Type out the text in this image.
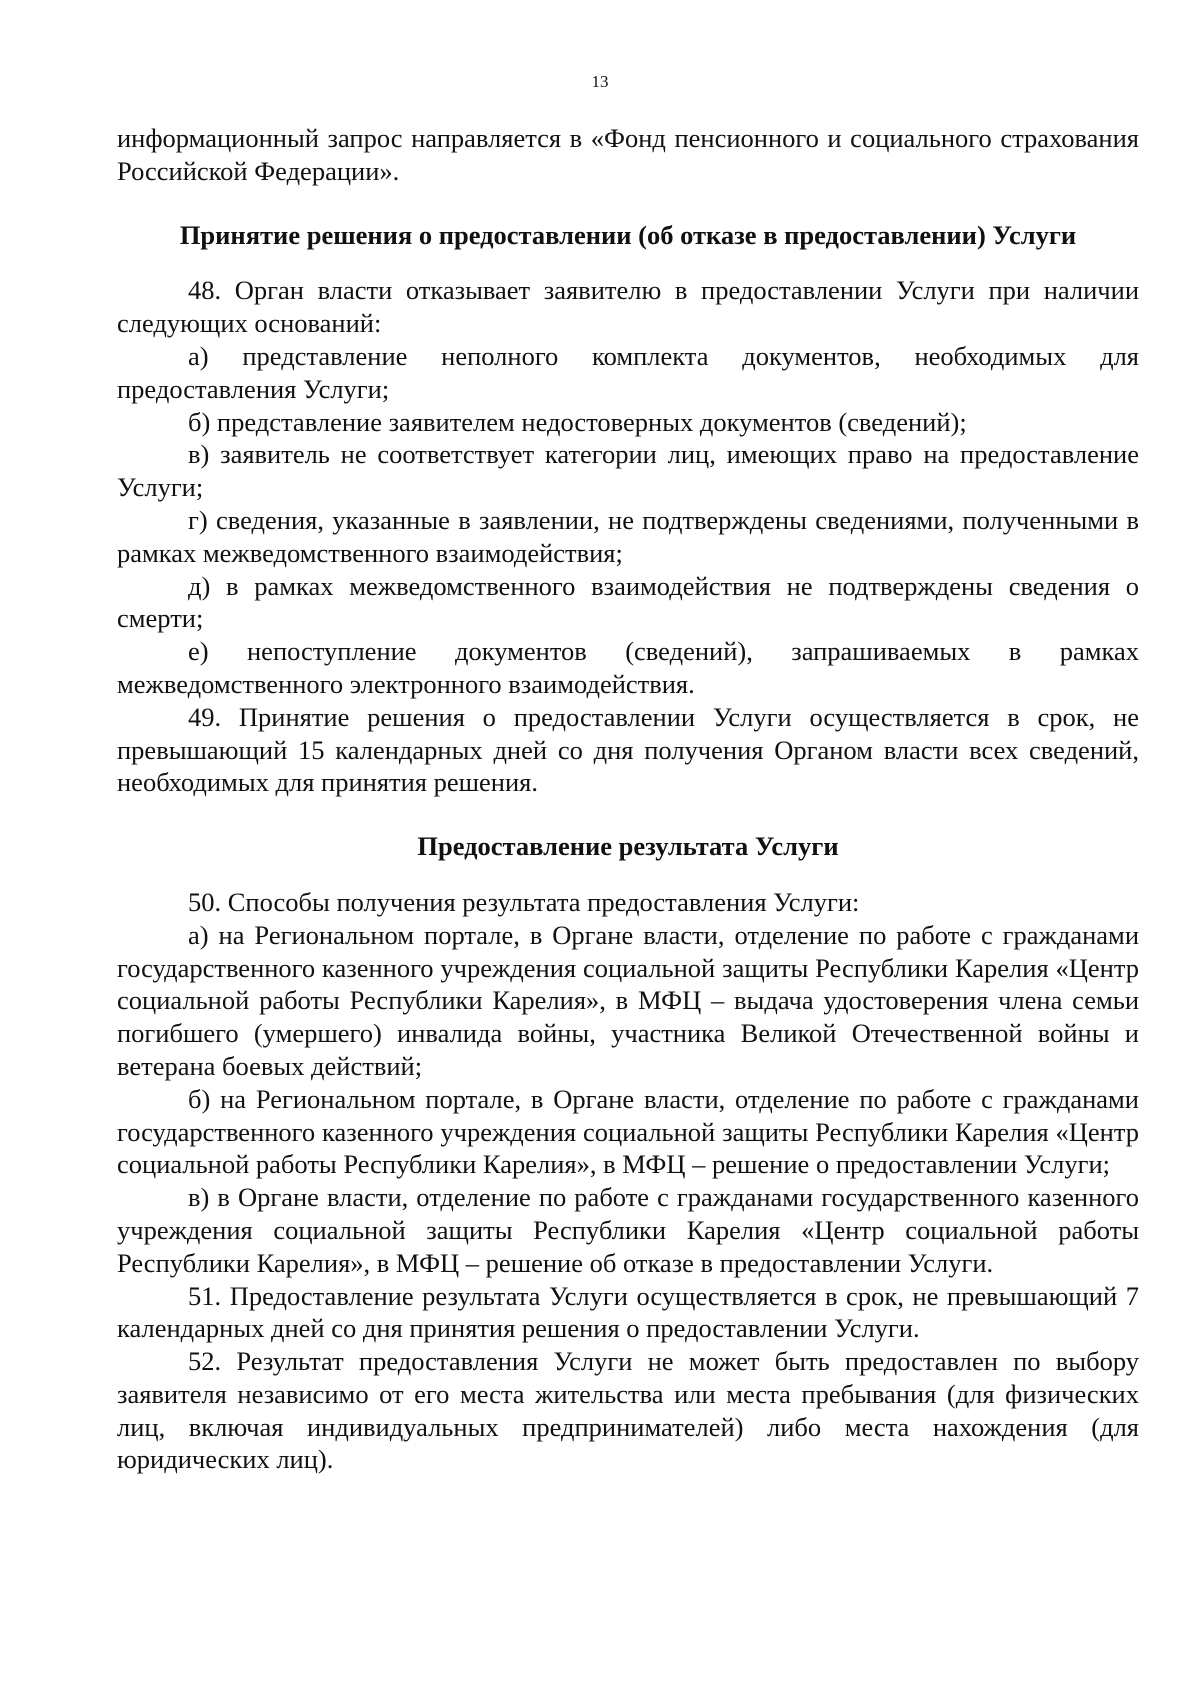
13

информационный запрос направляется в «Фонд пенсионного и социального страхования Российской Федерации».

Принятие решения о предоставлении (об отказе в предоставлении) Услуги

48. Орган власти отказывает заявителю в предоставлении Услуги при наличии следующих оснований:

а) представление неполного комплекта документов, необходимых для предоставления Услуги;

б) представление заявителем недостоверных документов (сведений);

в) заявитель не соответствует категории лиц, имеющих право на предоставление Услуги;

г) сведения, указанные в заявлении, не подтверждены сведениями, полученными в рамках межведомственного взаимодействия;

д) в рамках межведомственного взаимодействия не подтверждены сведения о смерти;

е) непоступление документов (сведений), запрашиваемых в рамках межведомственного электронного взаимодействия.

49. Принятие решения о предоставлении Услуги осуществляется в срок, не превышающий 15 календарных дней со дня получения Органом власти всех сведений, необходимых для принятия решения.

Предоставление результата Услуги

50. Способы получения результата предоставления Услуги:

а) на Региональном портале, в Органе власти, отделение по работе с гражданами государственного казенного учреждения социальной защиты Республики Карелия «Центр социальной работы Республики Карелия», в МФЦ – выдача удостоверения члена семьи погибшего (умершего) инвалида войны, участника Великой Отечественной войны и ветерана боевых действий;

б) на Региональном портале, в Органе власти, отделение по работе с гражданами государственного казенного учреждения социальной защиты Республики Карелия «Центр социальной работы Республики Карелия», в МФЦ – решение о предоставлении Услуги;

в) в Органе власти, отделение по работе с гражданами государственного казенного учреждения социальной защиты Республики Карелия «Центр социальной работы Республики Карелия», в МФЦ – решение об отказе в предоставлении Услуги.

51. Предоставление результата Услуги осуществляется в срок, не превышающий 7 календарных дней со дня принятия решения о предоставлении Услуги.

52. Результат предоставления Услуги не может быть предоставлен по выбору заявителя независимо от его места жительства или места пребывания (для физических лиц, включая индивидуальных предпринимателей) либо места нахождения (для юридических лиц).
